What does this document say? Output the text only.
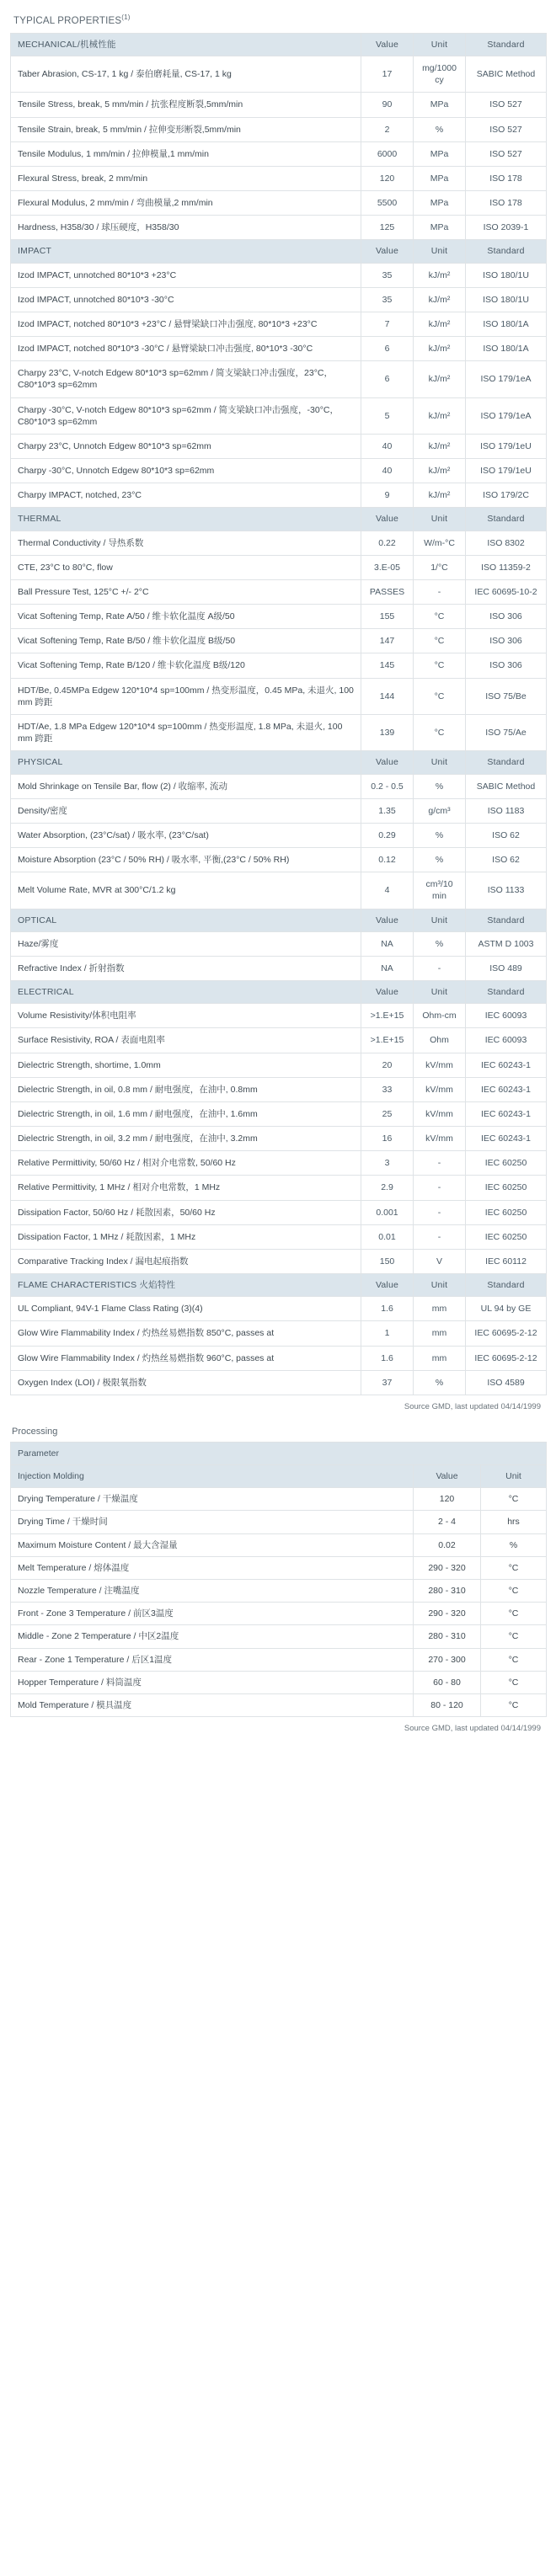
TYPICAL PROPERTIES$^{(1)}$
MECHANICAL/机械性能	Value	Unit	Standard
Taber Abrasion, CS-17, 1 kg / 泰伯磨耗量, CS-17, 1 kg	17	mg/1000cy	SABIC Method
Tensile Stress, break, 5 mm/min / 抗张程度断裂,5mm/min	90	MPa	ISO 527
Tensile Strain, break, 5 mm/min / 拉伸变形断裂,5mm/min	2	%	ISO 527
Tensile Modulus, 1 mm/min / 拉伸模量,1 mm/min	6000	MPa	ISO 527
Flexural Stress, break, 2 mm/min	120	MPa	ISO 178
Flexural Modulus, 2 mm/min / 弯曲模量,2 mm/min	5500	MPa	ISO 178
Hardness, H358/30 / 球压硬度，H358/30	125	MPa	ISO 2039-1
IMPACT	Value	Unit	Standard
Izod IMPACT, unnotched 80*10*3 +23°C	35	kJ/m²	ISO 180/1U
Izod IMPACT, unnotched 80*10*3 -30°C	35	kJ/m²	ISO 180/1U
Izod IMPACT, notched 80*10*3 +23°C / 悬臂梁缺口冲击强度, 80*10*3 +23°C	7	kJ/m²	ISO 180/1A
Izod IMPACT, notched 80*10*3 -30°C / 悬臂梁缺口冲击强度, 80*10*3 -30°C	6	kJ/m²	ISO 180/1A
Charpy 23°C, V-notch Edgew 80*10*3 sp=62mm / 简支梁缺口冲击强度，23°C，C80*10*3 sp=62mm	6	kJ/m²	ISO 179/1eA
Charpy -30°C, V-notch Edgew 80*10*3 sp=62mm / 简支梁缺口冲击强度，-30°C，C80*10*3 sp=62mm	5	kJ/m²	ISO 179/1eA
Charpy 23°C, Unnotch Edgew 80*10*3 sp=62mm	40	kJ/m²	ISO 179/1eU
Charpy -30°C, Unnotch Edgew 80*10*3 sp=62mm	40	kJ/m²	ISO 179/1eU
Charpy IMPACT, notched, 23°C	9	kJ/m²	ISO 179/2C
THERMAL	Value	Unit	Standard
Thermal Conductivity / 导热系数	0.22	W/m-°C	ISO 8302
CTE, 23°C to 80°C, flow	3.E-05	1/°C	ISO 11359-2
Ball Pressure Test, 125°C +/- 2°C	PASSES	-	IEC 60695-10-2
Vicat Softening Temp, Rate A/50 / 维卡软化温度 A级/50	155	°C	ISO 306
Vicat Softening Temp, Rate B/50 / 维卡软化温度 B级/50	147	°C	ISO 306
Vicat Softening Temp, Rate B/120 / 维卡软化温度 B级/120	145	°C	ISO 306
HDT/Be, 0.45MPa Edgew 120*10*4 sp=100mm / 热变形温度，0.45 MPa, 未退火, 100 mm 跨距	144	°C	ISO 75/Be
HDT/Ae, 1.8 MPa Edgew 120*10*4 sp=100mm / 热变形温度, 1.8 MPa, 未退火, 100 mm 跨距	139	°C	ISO 75/Ae
PHYSICAL	Value	Unit	Standard
Mold Shrinkage on Tensile Bar, flow (2) / 收缩率, 流动	0.2 - 0.5	%	SABIC Method
Density/密度	1.35	g/cm³	ISO 1183
Water Absorption, (23°C/sat) / 吸水率, (23°C/sat)	0.29	%	ISO 62
Moisture Absorption (23°C / 50% RH) / 吸水率, 平衡,(23°C / 50% RH)	0.12	%	ISO 62
Melt Volume Rate, MVR at 300°C/1.2 kg	4	cm³/10 min	ISO 1133
OPTICAL	Value	Unit	Standard
Haze/雾度	NA	%	ASTM D 1003
Refractive Index / 折射指数	NA	-	ISO 489
ELECTRICAL	Value	Unit	Standard
Volume Resistivity/体积电阻率	>1.E+15	Ohm-cm	IEC 60093
Surface Resistivity, ROA / 表面电阻率	>1.E+15	Ohm	IEC 60093
Dielectric Strength, shortime, 1.0mm	20	kV/mm	IEC 60243-1
Dielectric Strength, in oil, 0.8 mm / 耐电强度，在油中, 0.8mm	33	kV/mm	IEC 60243-1
Dielectric Strength, in oil, 1.6 mm / 耐电强度，在油中, 1.6mm	25	kV/mm	IEC 60243-1
Dielectric Strength, in oil, 3.2 mm / 耐电强度，在油中, 3.2mm	16	kV/mm	IEC 60243-1
Relative Permittivity, 50/60 Hz / 相对介电常数, 50/60 Hz	3	-	IEC 60250
Relative Permittivity, 1 MHz / 相对介电常数，1 MHz	2.9	-	IEC 60250
Dissipation Factor, 50/60 Hz / 耗散因素，50/60 Hz	0.001	-	IEC 60250
Dissipation Factor, 1 MHz / 耗散因素，1 MHz	0.01	-	IEC 60250
Comparative Tracking Index / 漏电起痕指数	150	V	IEC 60112
FLAME CHARACTERISTICS 火焰特性	Value	Unit	Standard
UL Compliant, 94V-1 Flame Class Rating (3)(4)	1.6	mm	UL 94 by GE
Glow Wire Flammability Index / 灼热丝易燃指数 850°C, passes at	1	mm	IEC 60695-2-12
Glow Wire Flammability Index / 灼热丝易燃指数 960°C, passes at	1.6	mm	IEC 60695-2-12
Oxygen Index (LOI) / 极限氧指数	37	%	ISO 4589
Source GMD, last updated 04/14/1999
Processing
Parameter		
Injection Molding	Value	Unit
Drying Temperature / 干燥温度	120	°C
Drying Time / 干燥时间	2 - 4	hrs
Maximum Moisture Content / 最大含湿量	0.02	%
Melt Temperature / 熔体温度	290 - 320	°C
Nozzle Temperature / 注嘴温度	280 - 310	°C
Front - Zone 3 Temperature / 前区3温度	290 - 320	°C
Middle - Zone 2 Temperature / 中区2温度	280 - 310	°C
Rear - Zone 1 Temperature / 后区1温度	270 - 300	°C
Hopper Temperature / 料筒温度	60 - 80	°C
Mold Temperature / 模具温度	80 - 120	°C
Source GMD, last updated 04/14/1999
